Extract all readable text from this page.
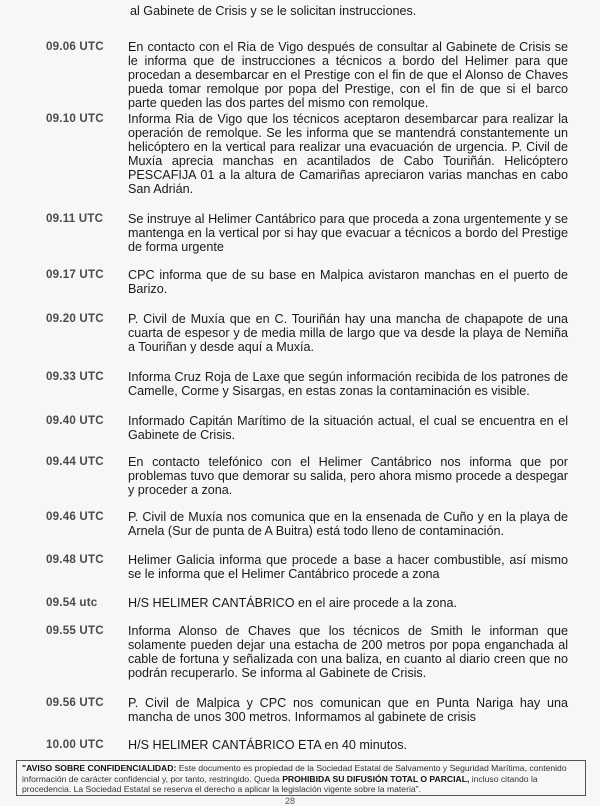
al Gabinete de Crisis y se le solicitan instrucciones.
09.06 UTC	En contacto con el Ria de Vigo después de consultar al Gabinete de Crisis se le informa que de instrucciones a técnicos a bordo del Helimer para que procedan a desembarcar en el Prestige con el fin de que el Alonso de Chaves pueda tomar remolque por popa del Prestige, con el fin de que si el barco parte queden las dos partes del mismo con remolque.
09.10 UTC	Informa Ria de Vigo que los técnicos aceptaron desembarcar para realizar la operación de remolque. Se les informa que se mantendrá constantemente un helicóptero en la vertical para realizar una evacuación de urgencia. P. Civil de Muxía aprecia manchas en acantilados de Cabo Touriñán. Helicóptero PESCAFIJA 01 a la altura de Camariñas apreciaron varias manchas en cabo San Adrián.
09.11 UTC	Se instruye al Helimer Cantábrico para que proceda a zona urgentemente y se mantenga en la vertical por si hay que evacuar a técnicos a bordo del Prestige de forma urgente
09.17 UTC	CPC informa que de su base en Malpica avistaron manchas en el puerto de Barizo.
09.20 UTC	P. Civil de Muxía que en C. Touriñán hay una mancha de chapapote de una cuarta de espesor y de media milla de largo que va desde la playa de Nemiña a Touriñan y desde aquí a Muxía.
09.33 UTC	Informa Cruz Roja de Laxe que según información recibida de los patrones de Camelle, Corme y Sisargas, en estas zonas la contaminación es visible.
09.40 UTC	Informado Capitán Marítimo de la situación actual, el cual se encuentra en el Gabinete de Crisis.
09.44 UTC	En contacto telefónico con el Helimer Cantábrico nos informa que por problemas tuvo que demorar su salida, pero ahora mismo procede a despegar y proceder a zona.
09.46 UTC	P. Civil de Muxía nos comunica que en la ensenada de Cuño y en la playa de Arnela (Sur de punta de A Buitra) está todo lleno de contaminación.
09.48 UTC	Helimer Galicia informa que procede a base a hacer combustible, así mismo se le informa que el Helimer Cantábrico procede a zona
09.54 utc	H/S HELIMER CANTÁBRICO en el aire procede a la zona.
09.55 UTC	Informa Alonso de Chaves que los técnicos de Smith le informan que solamente pueden dejar una estacha de 200 metros por popa enganchada al cable de fortuna y señalizada con una baliza, en cuanto al diario creen que no podrán recuperarlo. Se informa al Gabinete de Crisis.
09.56 UTC	P. Civil de Malpica y CPC nos comunican que en Punta Nariga hay una mancha de unos 300 metros. Informamos al gabinete de crisis
10.00 UTC	H/S HELIMER CANTÁBRICO ETA en 40 minutos.
"AVISO SOBRE CONFIDENCIALIDAD: Este documento es propiedad de la Sociedad Estatal de Salvamento y Seguridad Marítima, contenido información de carácter confidencial y, por tanto, restringido. Queda PROHIBIDA SU DIFUSIÓN TOTAL O PARCIAL, incluso citando la procedencia. La Sociedad Estatal se reserva el derecho a aplicar la legislación vigente sobre la materia".
28
